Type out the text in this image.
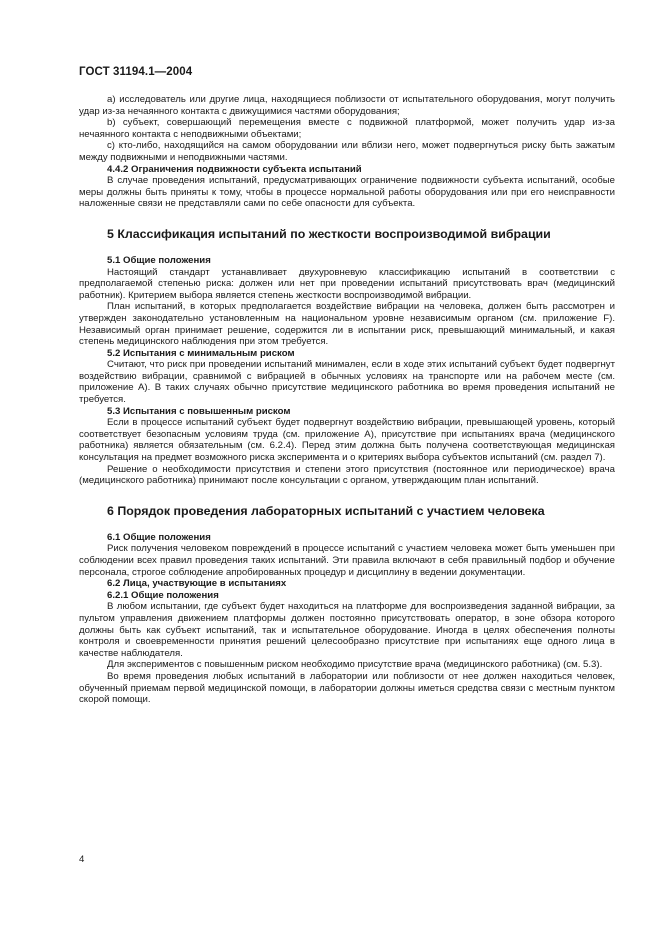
ГОСТ 31194.1—2004

a) исследователь или другие лица, находящиеся поблизости от испытательного оборудования, могут получить удар из-за нечаянного контакта с движущимися частями оборудования;

b) субъект, совершающий перемещения вместе с подвижной платформой, может получить удар из-за нечаянного контакта с неподвижными объектами;

c) кто-либо, находящийся на самом оборудовании или вблизи него, может подвергнуться риску быть зажатым между подвижными и неподвижными частями.

4.4.2 Ограничения подвижности субъекта испытаний

В случае проведения испытаний, предусматривающих ограничение подвижности субъекта испытаний, особые меры должны быть приняты к тому, чтобы в процессе нормальной работы оборудования или при его неисправности наложенные связи не представляли сами по себе опасности для субъекта.

5 Классификация испытаний по жесткости воспроизводимой вибрации
5.1 Общие положения

Настоящий стандарт устанавливает двухуровневую классификацию испытаний в соответствии с предполагаемой степенью риска: должен или нет при проведении испытаний присутствовать врач (медицинский работник). Критерием выбора является степень жесткости воспроизводимой вибрации.

План испытаний, в которых предполагается воздействие вибрации на человека, должен быть рассмотрен и утвержден законодательно установленным на национальном уровне независимым органом (см. приложение F). Независимый орган принимает решение, содержится ли в испытании риск, превышающий минимальный, и какая степень медицинского наблюдения при этом требуется.

5.2 Испытания с минимальным риском

Считают, что риск при проведении испытаний минимален, если в ходе этих испытаний субъект будет подвергнут воздействию вибрации, сравнимой с вибрацией в обычных условиях на транспорте или на рабочем месте (см. приложение А). В таких случаях обычно присутствие медицинского работника во время проведения испытаний не требуется.

5.3 Испытания с повышенным риском

Если в процессе испытаний субъект будет подвергнут воздействию вибрации, превышающей уровень, который соответствует безопасным условиям труда (см. приложение А), присутствие при испытаниях врача (медицинского работника) является обязательным (см. 6.2.4). Перед этим должна быть получена соответствующая медицинская консультация на предмет возможного риска эксперимента и о критериях выбора субъектов испытаний (см. раздел 7).

Решение о необходимости присутствия и степени этого присутствия (постоянное или периодическое) врача (медицинского работника) принимают после консультации с органом, утверждающим план испытаний.

6 Порядок проведения лабораторных испытаний с участием человека
6.1 Общие положения

Риск получения человеком повреждений в процессе испытаний с участием человека может быть уменьшен при соблюдении всех правил проведения таких испытаний. Эти правила включают в себя правильный подбор и обучение персонала, строгое соблюдение апробированных процедур и дисциплину в ведении документации.

6.2 Лица, участвующие в испытаниях
6.2.1 Общие положения

В любом испытании, где субъект будет находиться на платформе для воспроизведения заданной вибрации, за пультом управления движением платформы должен постоянно присутствовать оператор, в зоне обзора которого должны быть как субъект испытаний, так и испытательное оборудование. Иногда в целях обеспечения полноты контроля и своевременности принятия решений целесообразно присутствие при испытаниях еще одного лица в качестве наблюдателя.

Для экспериментов с повышенным риском необходимо присутствие врача (медицинского работника) (см. 5.3).

Во время проведения любых испытаний в лаборатории или поблизости от нее должен находиться человек, обученный приемам первой медицинской помощи, в лаборатории должны иметься средства связи с местным пунктом скорой помощи.

4
